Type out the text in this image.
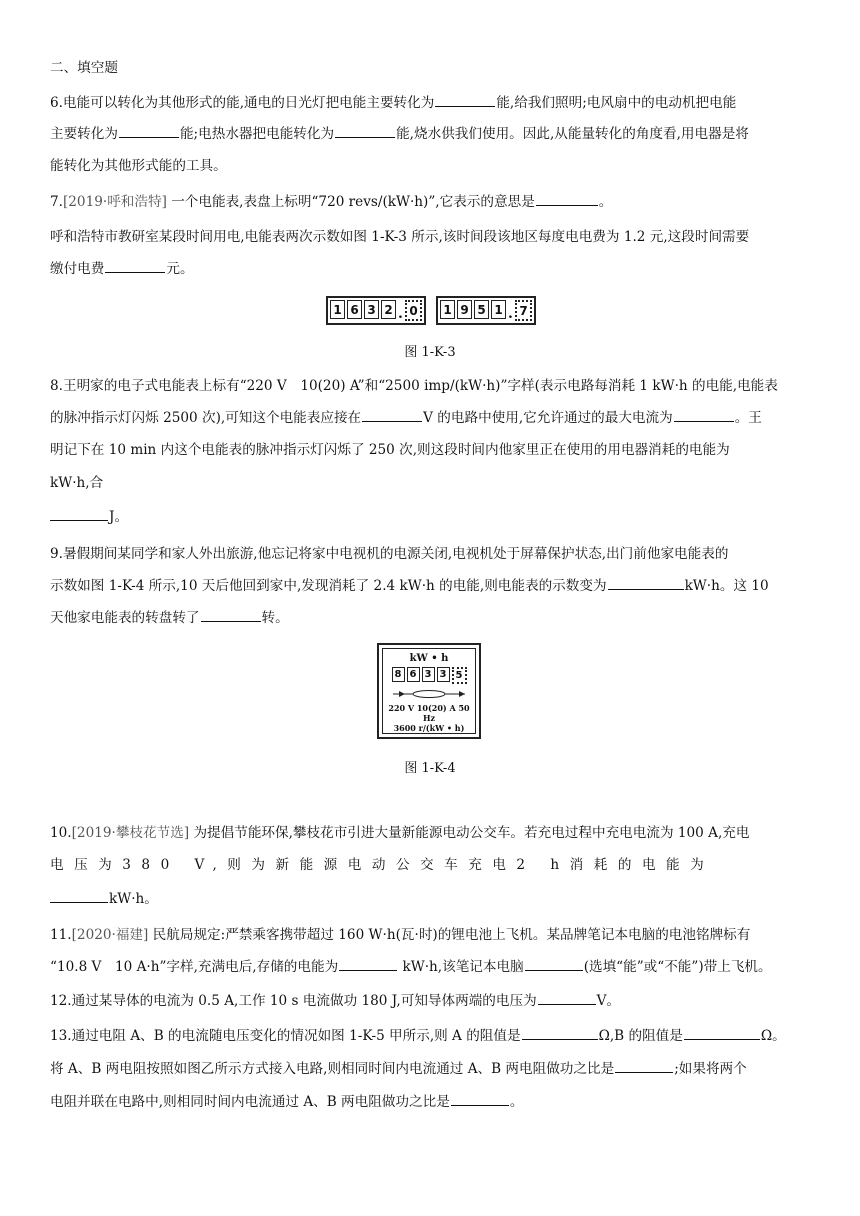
二、填空题
6.电能可以转化为其他形式的能,通电的日光灯把电能主要转化为	能,给我们照明;电风扇中的电动机把电能
主要转化为	能;电热水器把电能转化为	能,烧水供我们使用。因此,从能量转化的角度看,用电器是将
能转化为其他形式能的工具。
7.[2019·呼和浩特] 一个电能表,表盘上标明“720 revs/(kW·h)”,它表示的意思是	。
呼和浩特市教研室某段时间用电,电能表两次示数如图 1-K-3 所示,该时间段该地区每度电电费为 1.2 元,这段时间需要
缴付电费	元。
1 6 3 2 . 0	1 9 5 1 . 7
图 1-K-3
8.王明家的电子式电能表上标有“220 V　10(20) A”和“2500 imp/(kW·h)”字样(表示电路每消耗 1 kW·h 的电能,电能表
的脉冲指示灯闪烁 2500 次),可知这个电能表应接在	V 的电路中使用,它允许通过的最大电流为	。王
明记下在 10 min 内这个电能表的脉冲指示灯闪烁了 250 次,则这段时间内他家里正在使用的用电器消耗的电能为
kW·h,合
J。
9.暑假期间某同学和家人外出旅游,他忘记将家中电视机的电源关闭,电视机处于屏幕保护状态,出门前他家电能表的
示数如图 1-K-4 所示,10 天后他回到家中,发现消耗了 2.4 kW·h 的电能,则电能表的示数变为	kW·h。这 10
天他家电能表的转盘转了	转。
kW • h
8 6 3 3 5
220 V 10(20) A 50 Hz
3600 r/(kW • h)
图 1-K-4
10.[2019·攀枝花节选] 为提倡节能环保,攀枝花市引进大量新能源电动公交车。若充电过程中充电电流为 100 A,充电
电压为380 V,则为新能源电动公交车充电2 h消耗的电能为
kW·h。
11.[2020·福建] 民航局规定:严禁乘客携带超过 160 W·h(瓦·时)的锂电池上飞机。某品牌笔记本电脑的电池铭牌标有
“10.8 V　10 A·h”字样,充满电后,存储的电能为	kW·h,该笔记本电脑	(选填“能”或“不能”)带上飞机。
12.通过某导体的电流为 0.5 A,工作 10 s 电流做功 180 J,可知导体两端的电压为	V。
13.通过电阻 A、B 的电流随电压变化的情况如图 1-K-5 甲所示,则 A 的阻值是	Ω,B 的阻值是	Ω。
将 A、B 两电阻按照如图乙所示方式接入电路,则相同时间内电流通过 A、B 两电阻做功之比是	;如果将两个
电阻并联在电路中,则相同时间内电流通过 A、B 两电阻做功之比是	。
